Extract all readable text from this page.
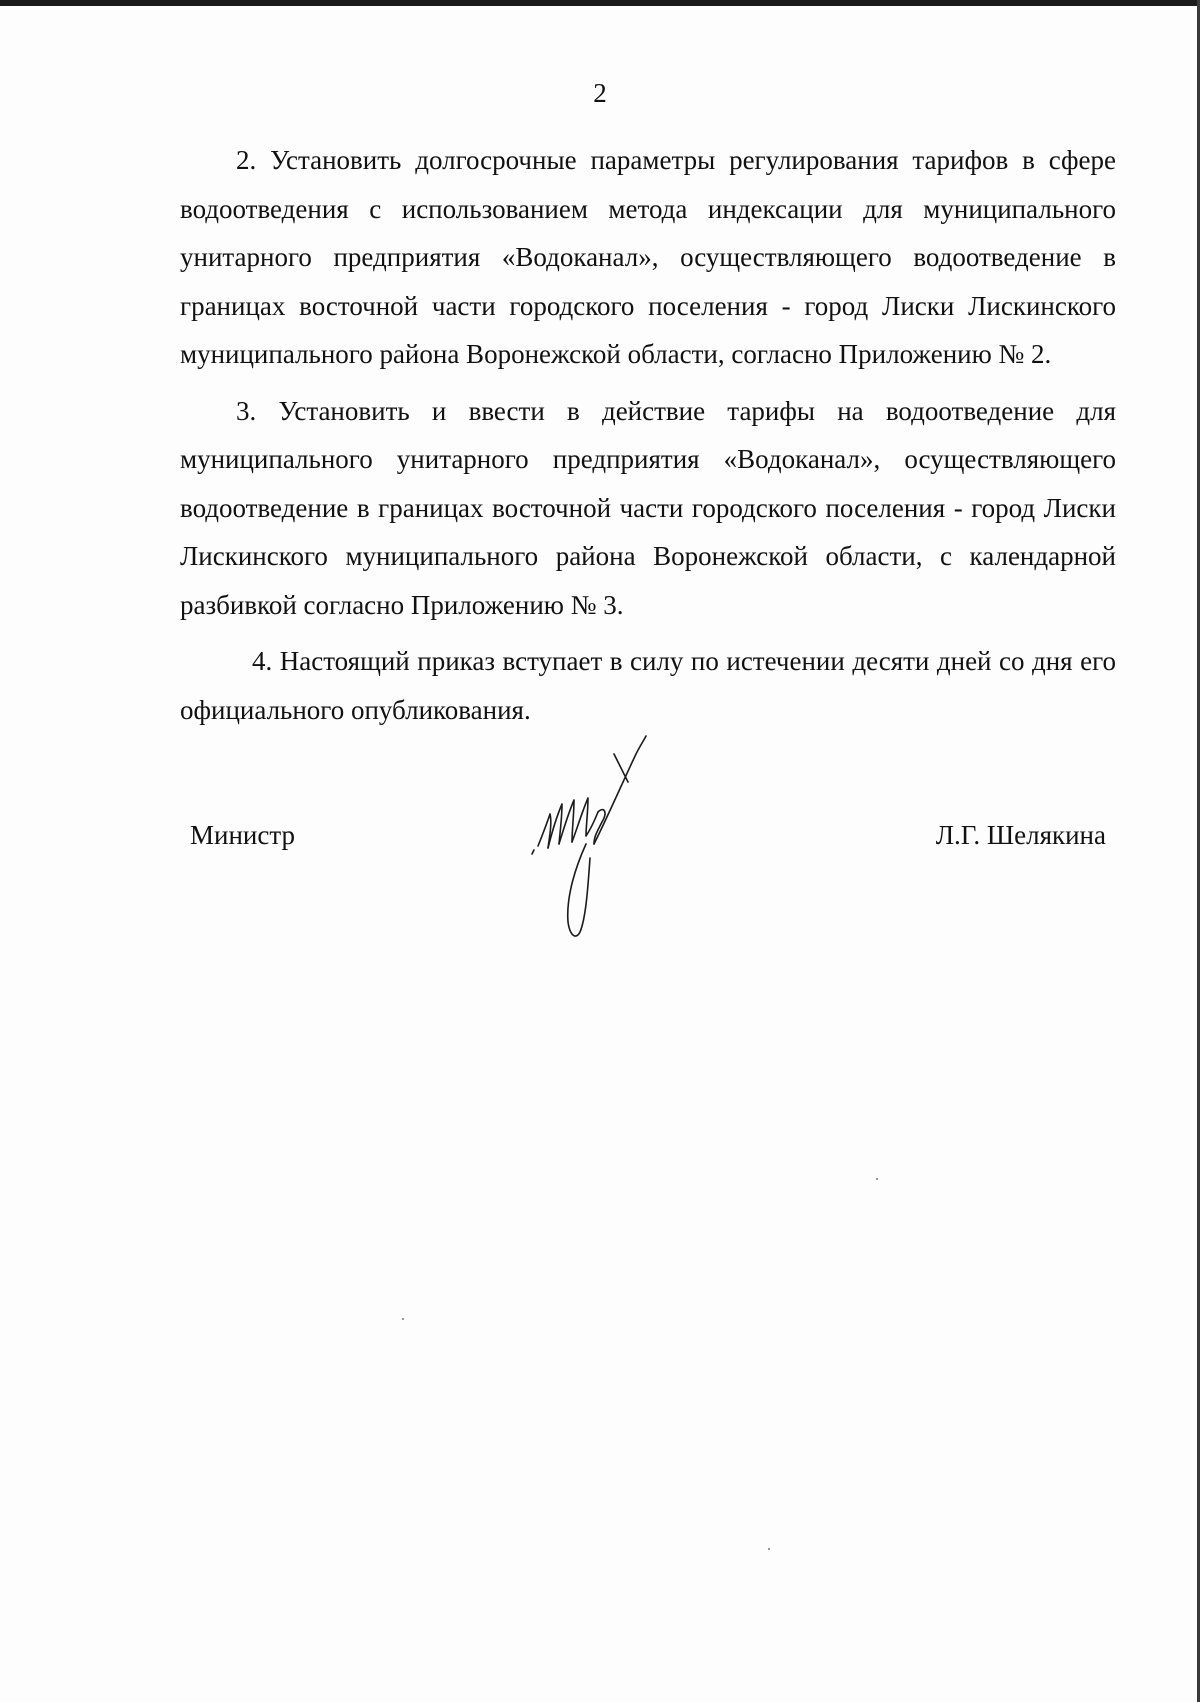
2

2. Установить долгосрочные параметры регулирования тарифов в сфере водоотведения с использованием метода индексации для муниципального унитарного предприятия «Водоканал», осуществляющего водоотведение в границах восточной части городского поселения - город Лиски Лискинского муниципального района Воронежской области, согласно Приложению № 2.

3. Установить и ввести в действие тарифы на водоотведение для муниципального унитарного предприятия «Водоканал», осуществляющего водоотведение в границах восточной части городского поселения - город Лиски Лискинского муниципального района Воронежской области, с календарной разбивкой согласно Приложению № 3.

4. Настоящий приказ вступает в силу по истечении десяти дней со дня его официального опубликования.

Министр	Л.Г. Шелякина
